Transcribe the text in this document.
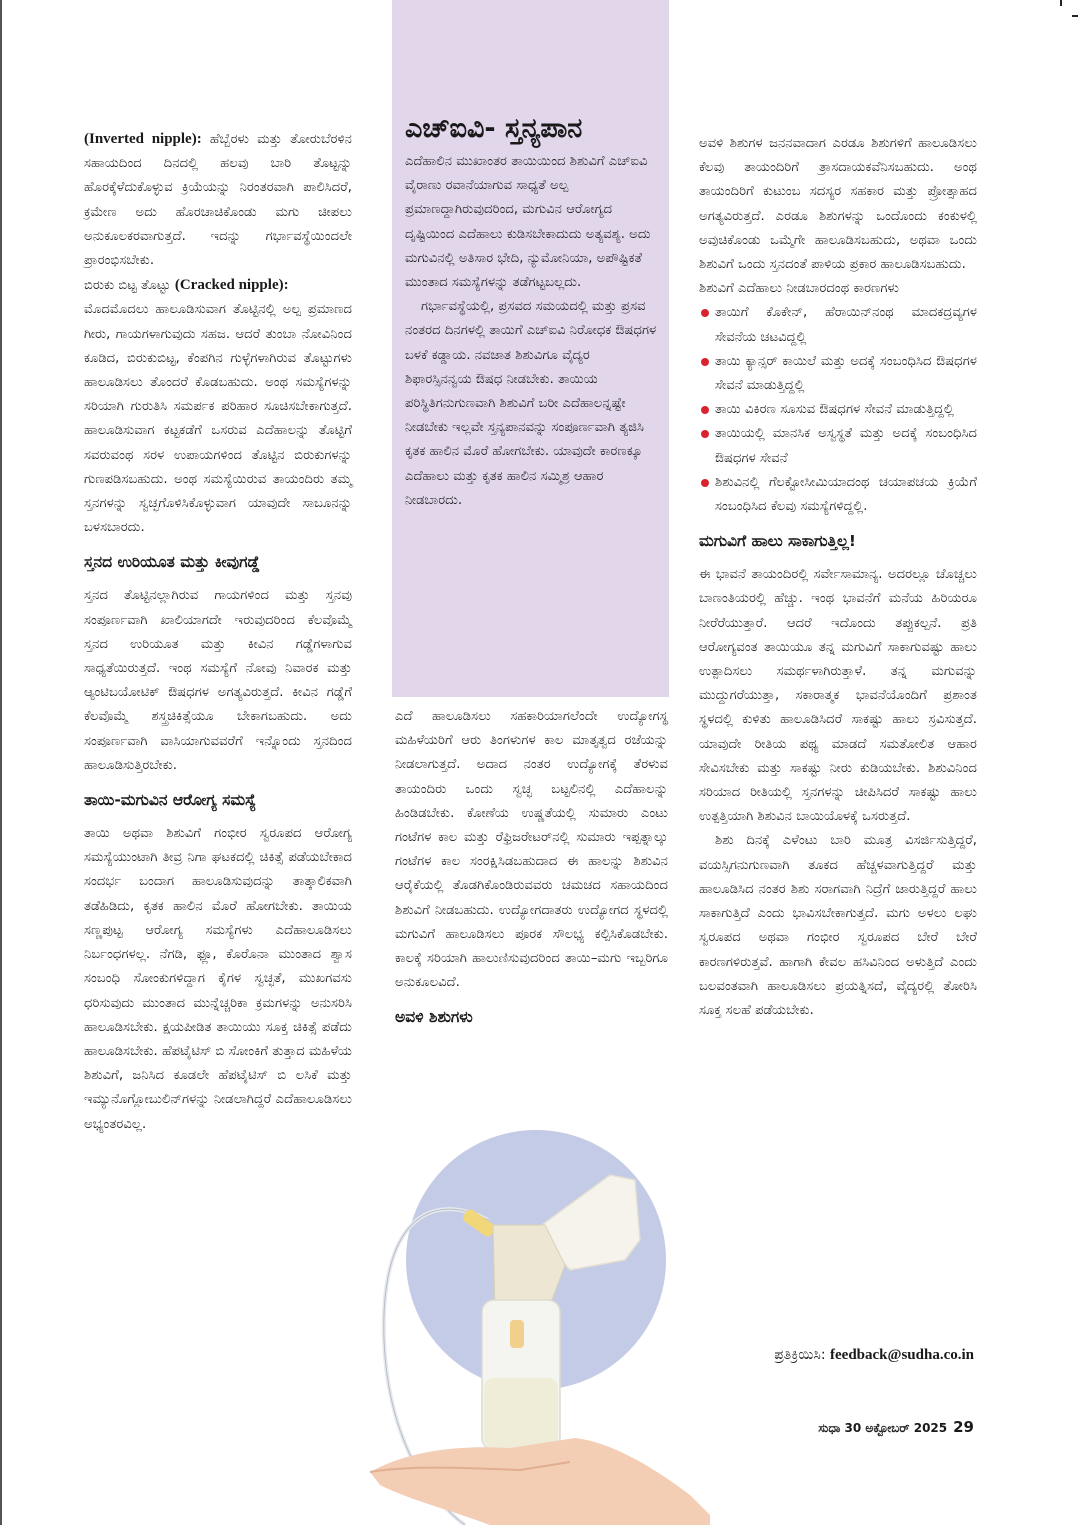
(Inverted nipple): ಹೆಬ್ಬೆರಳು ಮತ್ತು ತೋರುಬೆರಳಿನ ಸಹಾಯದಿಂದ ದಿನದಲ್ಲಿ ಹಲವು ಬಾರಿ ತೊಟ್ಟನ್ನು ಹೊರಕ್ಕೆಳೆದುಕೊಳ್ಳುವ ಕ್ರಿಯೆಯನ್ನು ನಿರಂತರವಾಗಿ ಪಾಲಿಸಿದರೆ, ಕ್ರಮೇಣ ಅದು ಹೊರಚಾಚಿಕೊಂಡು ಮಗು ಚೀಪಲು ಅನುಕೂಲಕರವಾಗುತ್ತದೆ. ಇದನ್ನು ಗರ್ಭಾವಸ್ಥೆಯಿಂದಲೇ ಪ್ರಾರಂಭಿಸಬೇಕು.

ಬಿರುಕು ಬಿಟ್ಟ ತೊಟ್ಟು (Cracked nipple):

ಮೊದಮೊದಲು ಹಾಲೂಡಿಸುವಾಗ ತೊಟ್ಟಿನಲ್ಲಿ ಅಲ್ಪ ಪ್ರಮಾಣದ ಗೀರು, ಗಾಯಗಳಾಗುವುದು ಸಹಜ. ಆದರೆ ತುಂಬಾ ನೋವಿನಿಂದ ಕೂಡಿದ, ಬಿರುಕುಬಿಟ್ಟ, ಕೆಂಪಗಿನ ಗುಳ್ಳೆಗಳಾಗಿರುವ ತೊಟ್ಟುಗಳು ಹಾಲೂಡಿಸಲು ತೊಂದರೆ ಕೊಡಬಹುದು. ಅಂಥ ಸಮಸ್ಯೆಗಳನ್ನು ಸರಿಯಾಗಿ ಗುರುತಿಸಿ ಸಮರ್ಪಕ ಪರಿಹಾರ ಸೂಚಿಸಬೇಕಾಗುತ್ತದೆ. ಹಾಲೂಡಿಸುವಾಗ ಕಟ್ಟಕಡೆಗೆ ಒಸರುವ ಎದೆಹಾಲನ್ನು ತೊಟ್ಟಿಗೆ ಸವರುವಂಥ ಸರಳ ಉಪಾಯಗಳಿಂದ ತೊಟ್ಟಿನ ಬಿರುಕುಗಳನ್ನು ಗುಣಪಡಿಸಬಹುದು. ಅಂಥ ಸಮಸ್ಯೆಯಿರುವ ತಾಯಂದಿರು ತಮ್ಮ ಸ್ತನಗಳನ್ನು ಸ್ವಚ್ಛಗೊಳಿಸಿಕೊಳ್ಳುವಾಗ ಯಾವುದೇ ಸಾಬೂನನ್ನು ಬಳಸಬಾರದು.

ಸ್ತನದ ಉರಿಯೂತ ಮತ್ತು ಕೀವುಗಡ್ಡೆ

ಸ್ತನದ ತೊಟ್ಟಿನಲ್ಲಾಗಿರುವ ಗಾಯಗಳಿಂದ ಮತ್ತು ಸ್ತನವು ಸಂಪೂರ್ಣವಾಗಿ ಖಾಲಿಯಾಗದೇ ಇರುವುದರಿಂದ ಕೆಲವೊಮ್ಮೆ ಸ್ತನದ ಉರಿಯೂತ ಮತ್ತು ಕೀವಿನ ಗಡ್ಡೆಗಳಾಗುವ ಸಾಧ್ಯತೆಯಿರುತ್ತದೆ. ಇಂಥ ಸಮಸ್ಯೆಗೆ ನೋವು ನಿವಾರಕ ಮತ್ತು ಆ್ಯಂಟಿಬಯೋಟಿಕ್ ಔಷಧಗಳ ಅಗತ್ಯವಿರುತ್ತದೆ. ಕೀವಿನ ಗಡ್ಡೆಗೆ ಕೆಲವೊಮ್ಮೆ ಶಸ್ತ್ರಚಿಕಿತ್ಸೆಯೂ ಬೇಕಾಗಬಹುದು. ಅದು ಸಂಪೂರ್ಣವಾಗಿ ವಾಸಿಯಾಗುವವರೆಗೆ ಇನ್ನೊಂದು ಸ್ತನದಿಂದ ಹಾಲೂಡಿಸುತ್ತಿರಬೇಕು.

ತಾಯಿ-ಮಗುವಿನ ಆರೋಗ್ಯ ಸಮಸ್ಯೆ

ತಾಯಿ ಅಥವಾ ಶಿಶುವಿಗೆ ಗಂಭೀರ ಸ್ವರೂಪದ ಆರೋಗ್ಯ ಸಮಸ್ಯೆಯುಂಟಾಗಿ ತೀವ್ರ ನಿಗಾ ಘಟಕದಲ್ಲಿ ಚಿಕಿತ್ಸೆ ಪಡೆಯಬೇಕಾದ ಸಂದರ್ಭ ಬಂದಾಗ ಹಾಲೂಡಿಸುವುದನ್ನು ತಾತ್ಕಾಲಿಕವಾಗಿ ತಡೆಹಿಡಿದು, ಕೃತಕ ಹಾಲಿನ ಮೊರೆ ಹೋಗಬೇಕು. ತಾಯಿಯ ಸಣ್ಣಪುಟ್ಟ ಆರೋಗ್ಯ ಸಮಸ್ಯೆಗಳು ಎದೆಹಾಲೂಡಿಸಲು ನಿರ್ಬಂಧಗಳಲ್ಲ. ನೆಗಡಿ, ಫ್ಲೂ, ಕೊರೊನಾ ಮುಂತಾದ ಶ್ವಾಸ ಸಂಬಂಧಿ ಸೋಂಕುಗಳಿದ್ದಾಗ ಕೈಗಳ ಸ್ವಚ್ಛತೆ, ಮುಖಗವಸು ಧರಿಸುವುದು ಮುಂತಾದ ಮುನ್ನೆಚ್ಚರಿಕಾ ಕ್ರಮಗಳನ್ನು ಅನುಸರಿಸಿ ಹಾಲೂಡಿಸಬೇಕು. ಕ್ಷಯಪೀಡಿತ ತಾಯಿಯು ಸೂಕ್ತ ಚಿಕಿತ್ಸೆ ಪಡೆದು ಹಾಲೂಡಿಸಬೇಕು. ಹೆಪಟೈಟಿಸ್ ಬಿ ಸೋಂಕಿಗೆ ತುತ್ತಾದ ಮಹಿಳೆಯ ಶಿಶುವಿಗೆ, ಜನಿಸಿದ ಕೂಡಲೇ ಹೆಪಟೈಟಿಸ್ ಬಿ ಲಸಿಕೆ ಮತ್ತು ಇಮ್ಯುನೊಗ್ಲೋಬುಲಿನ್‌ಗಳನ್ನು ನೀಡಲಾಗಿದ್ದರೆ ಎದೆಹಾಲೂಡಿಸಲು ಅಭ್ಯಂತರವಿಲ್ಲ.

ಎಚ್‌ಐವಿ- ಸ್ತನ್ಯಪಾನ

ಎದೆಹಾಲಿನ ಮುಖಾಂತರ ತಾಯಿಯಿಂದ ಶಿಶುವಿಗೆ ಎಚ್‌ಐವಿ ವೈರಾಣು ರವಾನೆಯಾಗುವ ಸಾಧ್ಯತೆ ಅಲ್ಪ ಪ್ರಮಾಣದ್ದಾಗಿರುವುದರಿಂದ, ಮಗುವಿನ ಆರೋಗ್ಯದ ದೃಷ್ಟಿಯಿಂದ ಎದೆಹಾಲು ಕುಡಿಸಬೇಕಾದುದು ಅತ್ಯವಶ್ಯ. ಅದು ಮಗುವಿನಲ್ಲಿ ಅತಿಸಾರ ಭೇದಿ, ನ್ಯುಮೋನಿಯಾ, ಅಪೌಷ್ಟಿಕತೆ ಮುಂತಾದ ಸಮಸ್ಯೆಗಳನ್ನು ತಡೆಗಟ್ಟಬಲ್ಲದು.

ಗರ್ಭಾವಸ್ಥೆಯಲ್ಲಿ, ಪ್ರಸವದ ಸಮಯದಲ್ಲಿ ಮತ್ತು ಪ್ರಸವ ನಂತರದ ದಿನಗಳಲ್ಲಿ ತಾಯಿಗೆ ಎಚ್‌ಐವಿ ನಿರೋಧಕ ಔಷಧಗಳ ಬಳಕೆ ಕಡ್ಡಾಯ. ನವಜಾತ ಶಿಶುವಿಗೂ ವೈದ್ಯರ ಶಿಫಾರಸ್ಸಿನನ್ವಯ ಔಷಧ ನೀಡಬೇಕು. ತಾಯಿಯ ಪರಿಸ್ಥಿತಿಗನುಗುಣವಾಗಿ ಶಿಶುವಿಗೆ ಬರೀ ಎದೆಹಾಲನ್ನಷ್ಟೇ ನೀಡಬೇಕು ಇಲ್ಲವೇ ಸ್ತನ್ಯಪಾನವನ್ನು ಸಂಪೂರ್ಣವಾಗಿ ತ್ಯಜಿಸಿ ಕೃತಕ ಹಾಲಿನ ಮೊರೆ ಹೋಗಬೇಕು. ಯಾವುದೇ ಕಾರಣಕ್ಕೂ ಎದೆಹಾಲು ಮತ್ತು ಕೃತಕ ಹಾಲಿನ ಸಮ್ಮಿಶ್ರ ಆಹಾರ ನೀಡಬಾರದು.

ಎದೆ ಹಾಲೂಡಿಸಲು ಸಹಕಾರಿಯಾಗಲೆಂದೇ ಉದ್ಯೋಗಸ್ಥ ಮಹಿಳೆಯರಿಗೆ ಆರು ತಿಂಗಳುಗಳ ಕಾಲ ಮಾತೃತ್ವದ ರಜೆಯನ್ನು ನೀಡಲಾಗುತ್ತದೆ. ಅದಾದ ನಂತರ ಉದ್ಯೋಗಕ್ಕೆ ತೆರಳುವ ತಾಯಂದಿರು ಒಂದು ಸ್ವಚ್ಛ ಬಟ್ಟಲಿನಲ್ಲಿ ಎದೆಹಾಲನ್ನು ಹಿಂಡಿಡಬೇಕು. ಕೋಣೆಯ ಉಷ್ಣತೆಯಲ್ಲಿ ಸುಮಾರು ಎಂಟು ಗಂಟೆಗಳ ಕಾಲ ಮತ್ತು ರೆಫ್ರಿಜರೇಟರ್‌ನಲ್ಲಿ ಸುಮಾರು ಇಪ್ಪತ್ನಾಲ್ಕು ಗಂಟೆಗಳ ಕಾಲ ಸಂರಕ್ಷಿಸಿಡಬಹುದಾದ ಈ ಹಾಲನ್ನು ಶಿಶುವಿನ ಆರೈಕೆಯಲ್ಲಿ ತೊಡಗಿಕೊಂಡಿರುವವರು ಚಮಚದ ಸಹಾಯದಿಂದ ಶಿಶುವಿಗೆ ನೀಡಬಹುದು. ಉದ್ಯೋಗದಾತರು ಉದ್ಯೋಗದ ಸ್ಥಳದಲ್ಲಿ ಮಗುವಿಗೆ ಹಾಲೂಡಿಸಲು ಪೂರಕ ಸೌಲಭ್ಯ ಕಲ್ಪಿಸಿಕೊಡಬೇಕು. ಕಾಲಕ್ಕೆ ಸರಿಯಾಗಿ ಹಾಲುಣಿಸುವುದರಿಂದ ತಾಯಿ–ಮಗು ಇಬ್ಬರಿಗೂ ಅನುಕೂಲವಿದೆ.

ಅವಳಿ ಶಿಶುಗಳು

ಅವಳಿ ಶಿಶುಗಳ ಜನನವಾದಾಗ ಎರಡೂ ಶಿಶುಗಳಿಗೆ ಹಾಲೂಡಿಸಲು ಕೆಲವು ತಾಯಂದಿರಿಗೆ ತ್ರಾಸದಾಯಕವೆನಿಸಬಹುದು. ಅಂಥ ತಾಯಂದಿರಿಗೆ ಕುಟುಂಬ ಸದಸ್ಯರ ಸಹಕಾರ ಮತ್ತು ಪ್ರೋತ್ಸಾಹದ ಅಗತ್ಯವಿರುತ್ತದೆ. ಎರಡೂ ಶಿಶುಗಳನ್ನು ಒಂದೊಂದು ಕಂಕುಳಲ್ಲಿ ಅವುಚಿಕೊಂಡು ಒಮ್ಮೆಗೇ ಹಾಲೂಡಿಸಬಹುದು, ಅಥವಾ ಒಂದು ಶಿಶುವಿಗೆ ಒಂದು ಸ್ತನದಂತೆ ಪಾಳಿಯ ಪ್ರಕಾರ ಹಾಲೂಡಿಸಬಹುದು.

ಶಿಶುವಿಗೆ ಎದೆಹಾಲು ನೀಡಬಾರದಂಥ ಕಾರಣಗಳು

ತಾಯಿಗೆ ಕೊಕೇನ್, ಹೆರಾಯಿನ್‌ನಂಥ ಮಾದಕದ್ರವ್ಯಗಳ ಸೇವನೆಯ ಚಟವಿದ್ದಲ್ಲಿ
ತಾಯಿ ಕ್ಯಾನ್ಸರ್ ಕಾಯಿಲೆ ಮತ್ತು ಅದಕ್ಕೆ ಸಂಬಂಧಿಸಿದ ಔಷಧಗಳ ಸೇವನೆ ಮಾಡುತ್ತಿದ್ದಲ್ಲಿ
ತಾಯಿ ವಿಕಿರಣ ಸೂಸುವ ಔಷಧಗಳ ಸೇವನೆ ಮಾಡುತ್ತಿದ್ದಲ್ಲಿ
ತಾಯಿಯಲ್ಲಿ ಮಾನಸಿಕ ಅಸ್ವಸ್ಥತೆ ಮತ್ತು ಅದಕ್ಕೆ ಸಂಬಂಧಿಸಿದ ಔಷಧಗಳ ಸೇವನೆ
ಶಿಶುವಿನಲ್ಲಿ ಗೆಲಕ್ಟೋಸೀಮಿಯಾದಂಥ ಚಯಾಪಚಯ ಕ್ರಿಯೆಗೆ ಸಂಬಂಧಿಸಿದ ಕೆಲವು ಸಮಸ್ಯೆಗಳಿದ್ದಲ್ಲಿ.
ಮಗುವಿಗೆ ಹಾಲು ಸಾಕಾಗುತ್ತಿಲ್ಲ!

ಈ ಭಾವನೆ ತಾಯಂದಿರಲ್ಲಿ ಸರ್ವೇಸಾಮಾನ್ಯ. ಅದರಲ್ಲೂ ಚೊಚ್ಚಲು ಬಾಣಂತಿಯರಲ್ಲಿ ಹೆಚ್ಚು. ಇಂಥ ಭಾವನೆಗೆ ಮನೆಯ ಹಿರಿಯರೂ ನೀರೆರೆಯುತ್ತಾರೆ. ಆದರೆ ಇದೊಂದು ತಪ್ಪುಕಲ್ಪನೆ. ಪ್ರತಿ ಆರೋಗ್ಯವಂತ ತಾಯಿಯೂ ತನ್ನ ಮಗುವಿಗೆ ಸಾಕಾಗುವಷ್ಟು ಹಾಲು ಉತ್ಪಾದಿಸಲು ಸಮರ್ಥಳಾಗಿರುತ್ತಾಳೆ. ತನ್ನ ಮಗುವನ್ನು ಮುದ್ದುಗರೆಯುತ್ತಾ, ಸಕಾರಾತ್ಮಕ ಭಾವನೆಯೊಂದಿಗೆ ಪ್ರಶಾಂತ ಸ್ಥಳದಲ್ಲಿ ಕುಳಿತು ಹಾಲೂಡಿಸಿದರೆ ಸಾಕಷ್ಟು ಹಾಲು ಸ್ರವಿಸುತ್ತದೆ. ಯಾವುದೇ ರೀತಿಯ ಪಥ್ಯ ಮಾಡದೆ ಸಮತೋಲಿತ ಆಹಾರ ಸೇವಿಸಬೇಕು ಮತ್ತು ಸಾಕಷ್ಟು ನೀರು ಕುಡಿಯಬೇಕು. ಶಿಶುವಿನಿಂದ ಸರಿಯಾದ ರೀತಿಯಲ್ಲಿ ಸ್ತನಗಳನ್ನು ಚೀಪಿಸಿದರೆ ಸಾಕಷ್ಟು ಹಾಲು ಉತ್ಪತ್ತಿಯಾಗಿ ಶಿಶುವಿನ ಬಾಯಿಯೊಳಕ್ಕೆ ಒಸರುತ್ತದೆ.

ಶಿಶು ದಿನಕ್ಕೆ ಎಳೆಂಟು ಬಾರಿ ಮೂತ್ರ ವಿಸರ್ಜಿಸುತ್ತಿದ್ದರೆ, ವಯಸ್ಸಿಗನುಗುಣವಾಗಿ ತೂಕದ ಹೆಚ್ಚಳವಾಗುತ್ತಿದ್ದರೆ ಮತ್ತು ಹಾಲೂಡಿಸಿದ ನಂತರ ಶಿಶು ಸರಾಗವಾಗಿ ನಿದ್ರೆಗೆ ಜಾರುತ್ತಿದ್ದರೆ ಹಾಲು ಸಾಕಾಗುತ್ತಿದೆ ಎಂದು ಭಾವಿಸಬೇಕಾಗುತ್ತದೆ. ಮಗು ಅಳಲು ಲಘು ಸ್ವರೂಪದ ಅಥವಾ ಗಂಭೀರ ಸ್ವರೂಪದ ಬೇರೆ ಬೇರೆ ಕಾರಣಗಳಿರುತ್ತವೆ. ಹಾಗಾಗಿ ಕೇವಲ ಹಸಿವಿನಿಂದ ಅಳುತ್ತಿದೆ ಎಂದು ಬಲವಂತವಾಗಿ ಹಾಲೂಡಿಸಲು ಪ್ರಯತ್ನಿಸದೆ, ವೈದ್ಯರಲ್ಲಿ ತೋರಿಸಿ ಸೂಕ್ತ ಸಲಹೆ ಪಡೆಯಬೇಕು.

ಪ್ರತಿಕ್ರಿಯಿಸಿ: feedback@sudha.co.in
ಸುಧಾ 30 ಅಕ್ಟೋಬರ್ 2025 29
